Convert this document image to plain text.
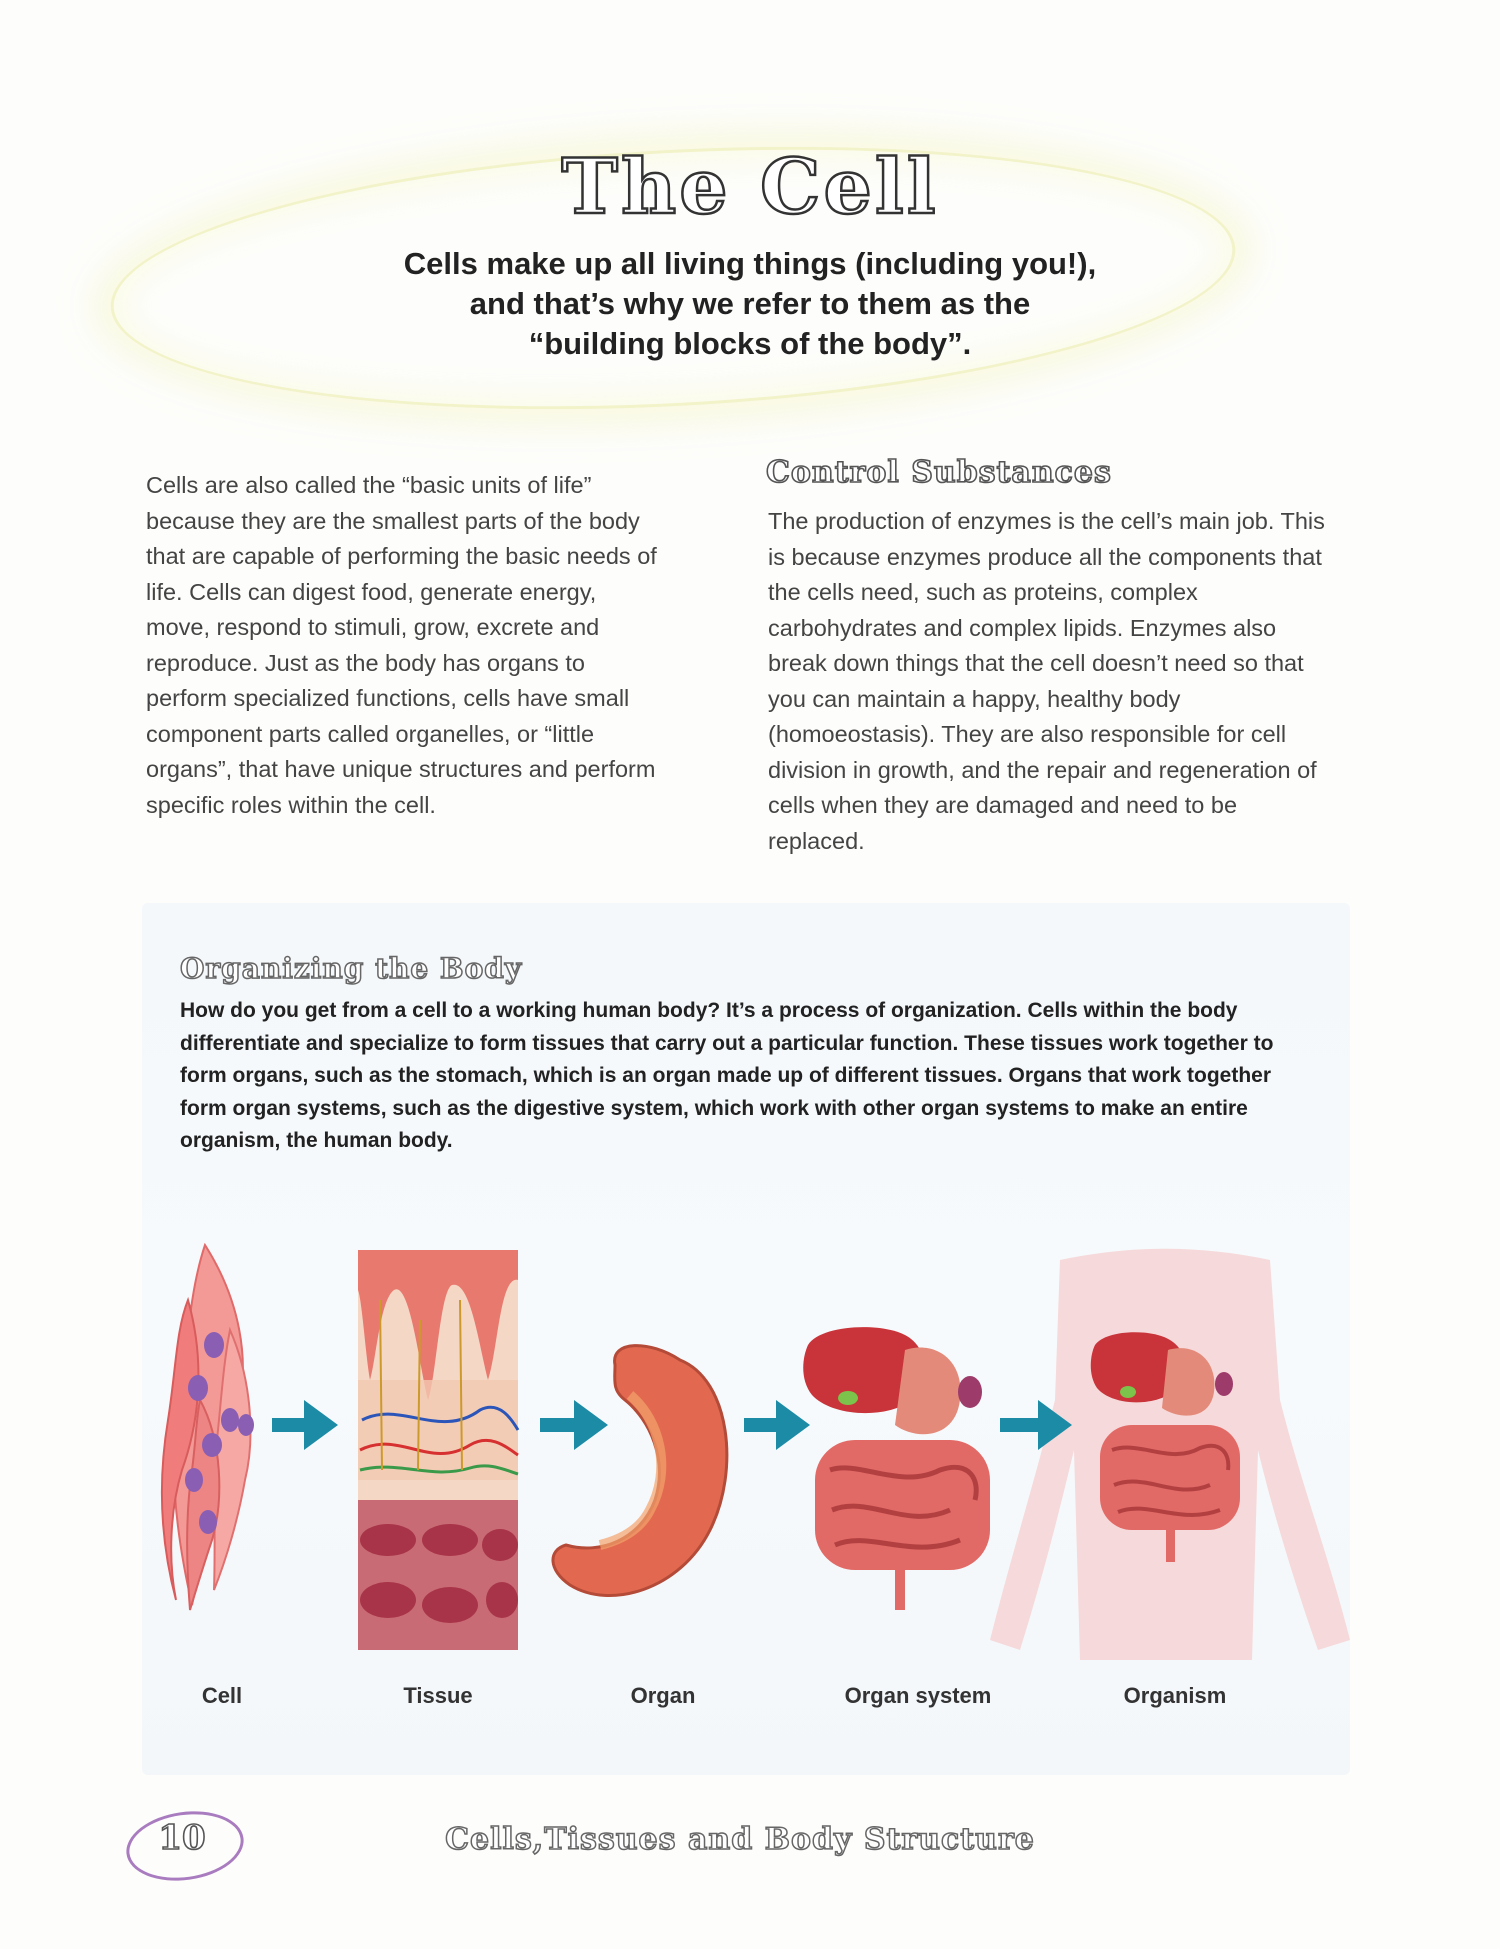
The Cell
Cells make up all living things (including you!),
and that’s why we refer to them as the
“building blocks of the body”.
Cells are also called the “basic units of life” because they are the smallest parts of the body that are capable of performing the basic needs of life. Cells can digest food, generate energy, move, respond to stimuli, grow, excrete and reproduce. Just as the body has organs to perform specialized functions, cells have small component parts called organelles, or “little organs”, that have unique structures and perform specific roles within the cell.
Control Substances
The production of enzymes is the cell’s main job. This is because enzymes produce all the components that the cells need, such as proteins, complex carbohydrates and complex lipids. Enzymes also break down things that the cell doesn’t need so that you can maintain a happy, healthy body (homoeostasis). They are also responsible for cell division in growth, and the repair and regeneration of cells when they are damaged and need to be replaced.
Organizing the Body
How do you get from a cell to a working human body? It’s a process of organization. Cells within the body differentiate and specialize to form tissues that carry out a particular function. These tissues work together to form organs, such as the stomach, which is an organ made up of different tissues. Organs that work together form organ systems, such as the digestive system, which work with other organ systems to make an entire organism, the human body.
Cell	Tissue	Organ	Organ system	Organism
10	Cells,Tissues and Body Structure
